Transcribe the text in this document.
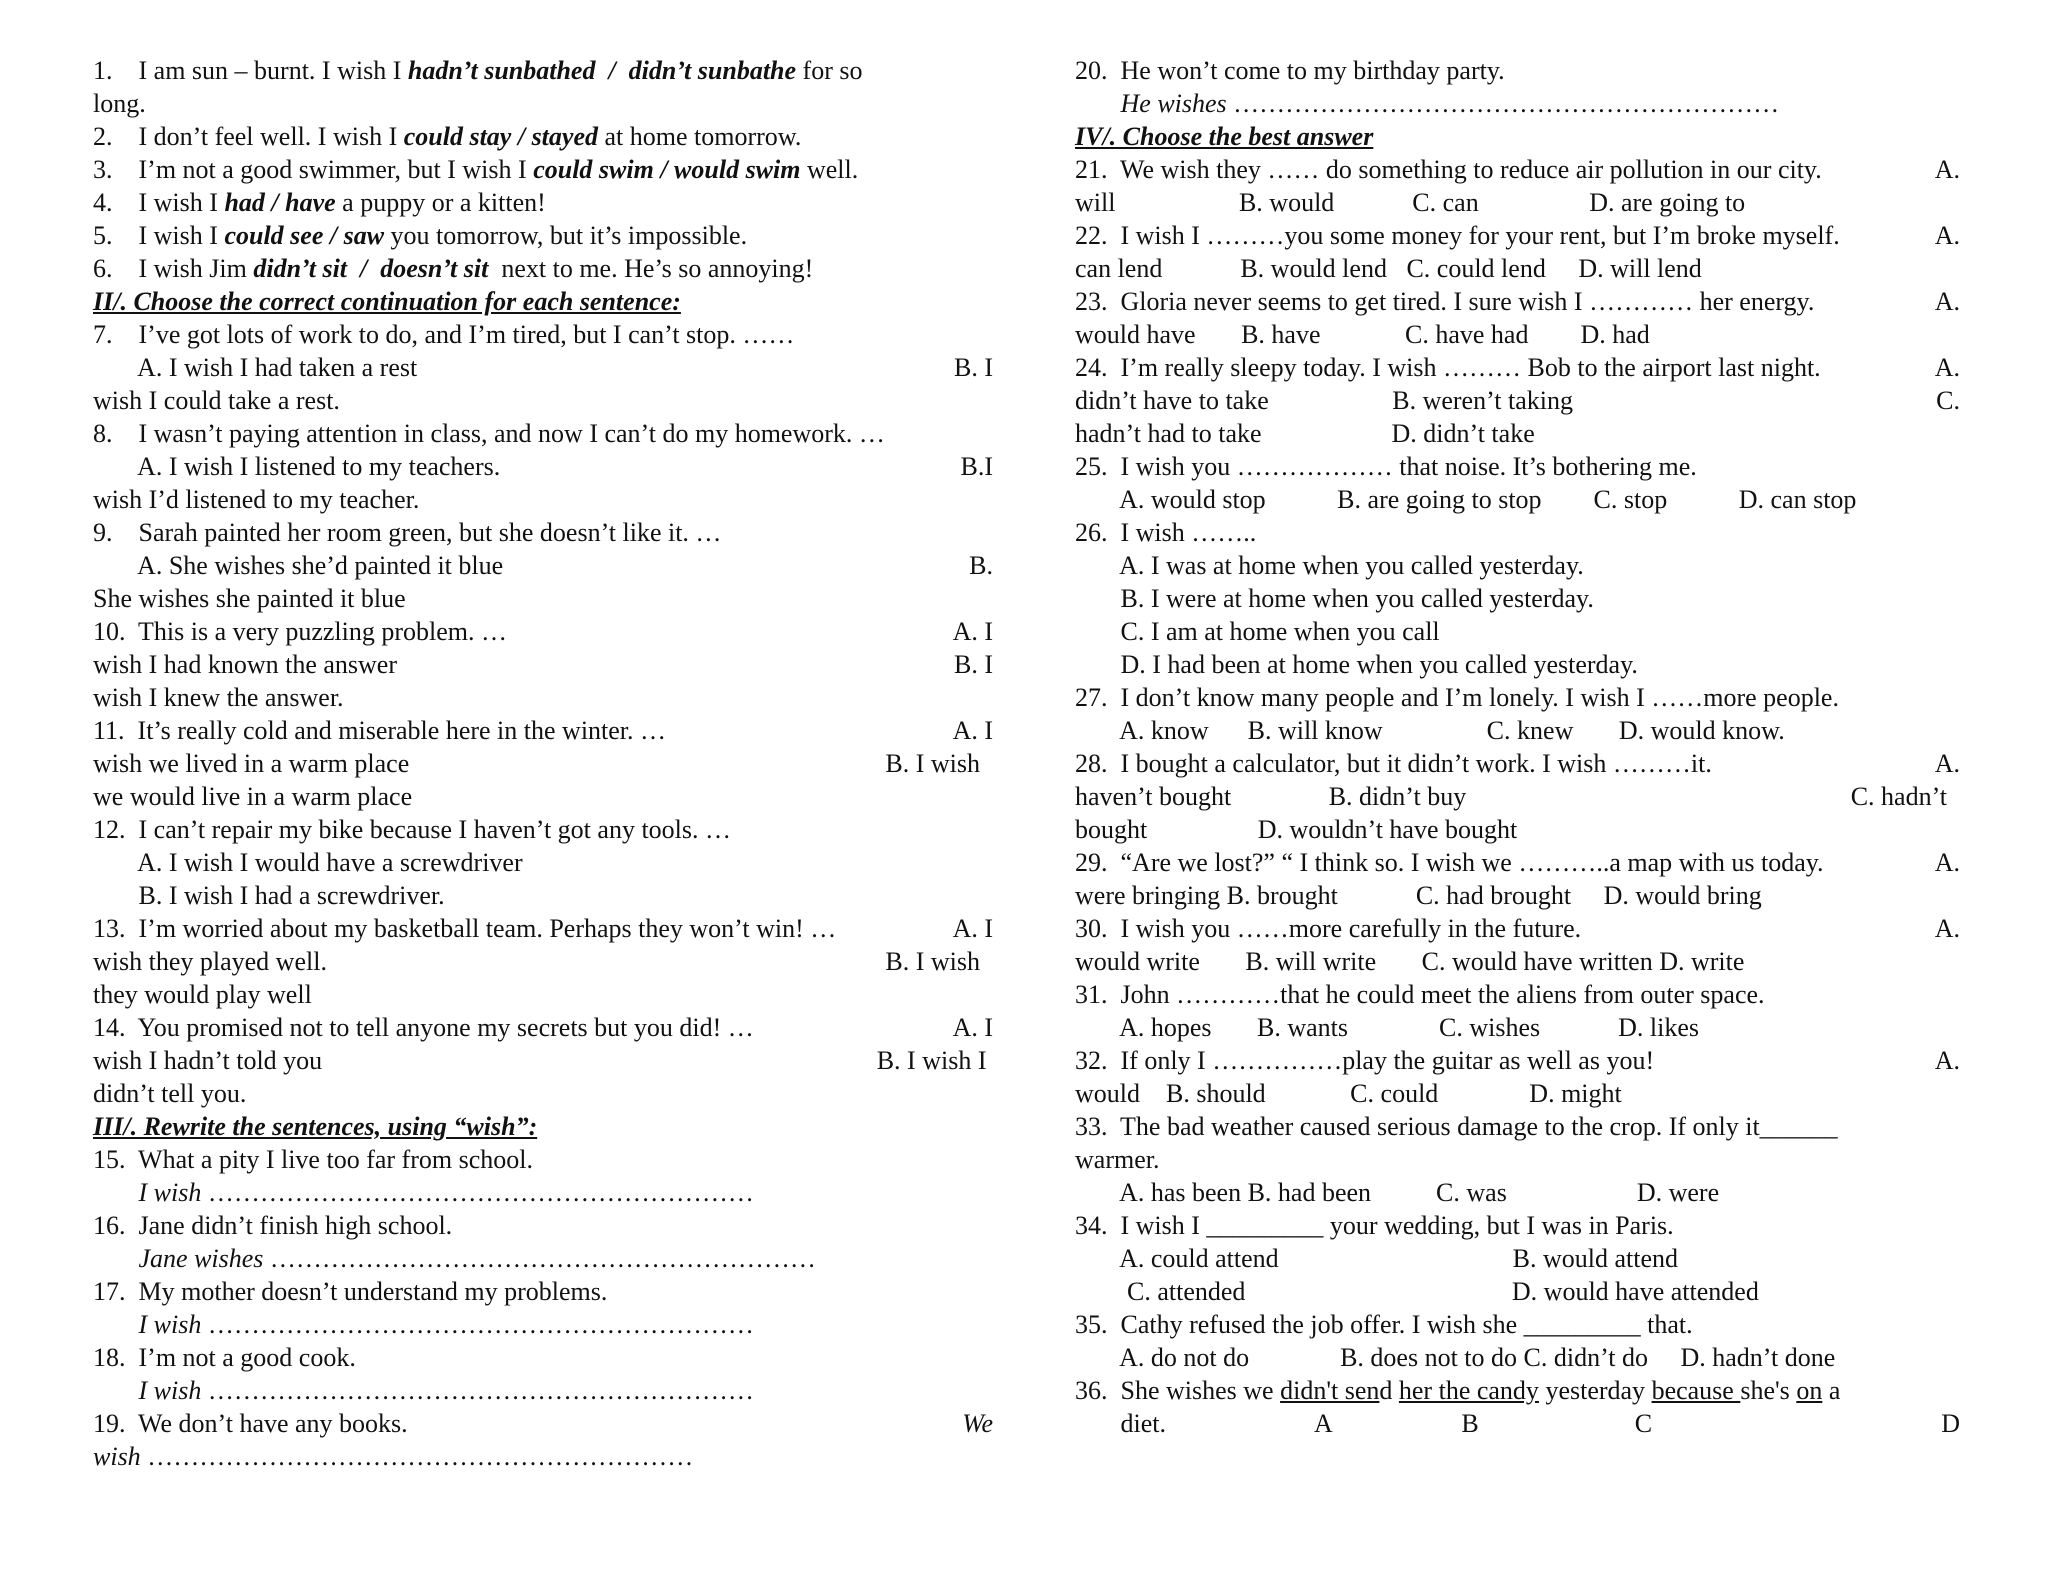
1.    I am sun – burnt. I wish I hadn’t sunbathed  /  didn’t sunbathe for so
long.
2.    I don’t feel well. I wish I could stay / stayed at home tomorrow.
3.    I’m not a good swimmer, but I wish I could swim / would swim well.
4.    I wish I had / have a puppy or a kitten!
5.    I wish I could see / saw you tomorrow, but it’s impossible.
6.    I wish Jim didn’t sit  /  doesn’t sit  next to me. He’s so annoying!
II/. Choose the correct continuation for each sentence:
7.    I’ve got lots of work to do, and I’m tired, but I can’t stop. ……
A. I wish I had taken a rest	B. I
wish I could take a rest.
8.    I wasn’t paying attention in class, and now I can’t do my homework. …
A. I wish I listened to my teachers.	B.I
wish I’d listened to my teacher.
9.    Sarah painted her room green, but she doesn’t like it. …
A. She wishes she’d painted it blue	B.
She wishes she painted it blue
10.  This is a very puzzling problem. …	A. I
wish I had known the answer	B. I
wish I knew the answer.
11.  It’s really cold and miserable here in the winter. …	A. I
wish we lived in a warm place	B. I wish
we would live in a warm place
12.  I can’t repair my bike because I haven’t got any tools. …
A. I wish I would have a screwdriver
B. I wish I had a screwdriver.
13.  I’m worried about my basketball team. Perhaps they won’t win! …	A. I
wish they played well.	B. I wish
they would play well
14.  You promised not to tell anyone my secrets but you did! …	A. I
wish I hadn’t told you	B. I wish I
didn’t tell you.
III/. Rewrite the sentences, using “wish”:
15.  What a pity I live too far from school.
I wish ………………………………………………………
16.  Jane didn’t finish high school.
Jane wishes ………………………………………………………
17.  My mother doesn’t understand my problems.
I wish ………………………………………………………
18.  I’m not a good cook.
I wish ………………………………………………………
19.  We don’t have any books.	We
wish ………………………………………………………
20.  He won’t come to my birthday party.
He wishes ………………………………………………………
IV/. Choose the best answer
21.  We wish they …… do something to reduce air pollution in our city.	A.
will                   B. would            C. can                 D. are going to
22.  I wish I ………you some money for your rent, but I’m broke myself.	A.
can lend            B. would lend   C. could lend     D. will lend
23.  Gloria never seems to get tired. I sure wish I ………… her energy.	A.
would have       B. have             C. have had        D. had
24.  I’m really sleepy today. I wish ……… Bob to the airport last night.	A.
didn’t have to take                   B. weren’t taking	C.
hadn’t had to take                    D. didn’t take
25.  I wish you ……………… that noise. It’s bothering me.
A. would stop           B. are going to stop        C. stop           D. can stop
26.  I wish ……..
A. I was at home when you called yesterday.
B. I were at home when you called yesterday.
C. I am at home when you call
D. I had been at home when you called yesterday.
27.  I don’t know many people and I’m lonely. I wish I ……more people.
A. know      B. will know                C. knew       D. would know.
28.  I bought a calculator, but it didn’t work. I wish ………it.	A.
haven’t bought               B. didn’t buy	C. hadn’t
bought                 D. wouldn’t have bought
29.  “Are we lost?” “ I think so. I wish we ………..a map with us today.	A.
were bringing B. brought            C. had brought     D. would bring
30.  I wish you ……more carefully in the future.	A.
would write       B. will write       C. would have written D. write
31.  John …………that he could meet the aliens from outer space.
A. hopes       B. wants              C. wishes            D. likes
32.  If only I ……………play the guitar as well as you!	A.
would    B. should             C. could              D. might
33.  The bad weather caused serious damage to the crop. If only it______
warmer.
A. has been B. had been          C. was                    D. were
34.  I wish I _________ your wedding, but I was in Paris.
A. could attend                                    B. would attend
C. attended                                         D. would have attended
35.  Cathy refused the job offer. I wish she _________ that.
A. do not do              B. does not to do C. didn’t do     D. hadn’t done
36.  She wishes we didn't send her the candy yesterday because she's on a
diet.                       A                    B                        C	D
